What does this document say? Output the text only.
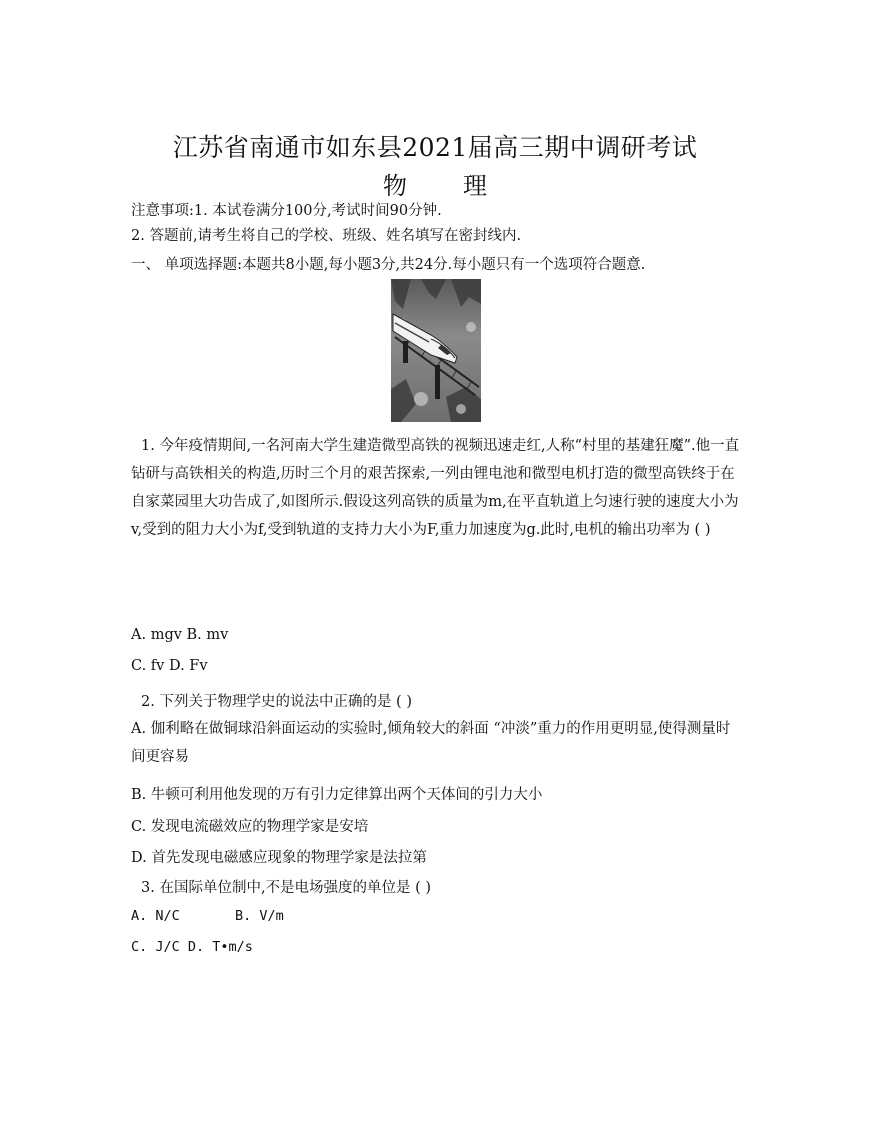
江苏省南通市如东县2021届高三期中调研考试
物 理
注意事项:1. 本试卷满分100分,考试时间90分钟.
2. 答题前,请考生将自己的学校、班级、姓名填写在密封线内.
一、 单项选择题:本题共8小题,每小题3分,共24分.每小题只有一个选项符合题意.
1. 今年疫情期间,一名河南大学生建造微型高铁的视频迅速走红,人称“村里的基建狂魔”.他一直钻研与高铁相关的构造,历时三个月的艰苦探索,一列由锂电池和微型电机打造的微型高铁终于在自家菜园里大功告成了,如图所示.假设这列高铁的质量为m,在平直轨道上匀速行驶的速度大小为v,受到的阻力大小为f,受到轨道的支持力大小为F,重力加速度为g.此时,电机的输出功率为 ( )
A. mgv B. mv
C. fv D. Fv
2. 下列关于物理学史的说法中正确的是 ( )
A. 伽利略在做铜球沿斜面运动的实验时,倾角较大的斜面 “冲淡”重力的作用更明显,使得测量时间更容易
B. 牛顿可利用他发现的万有引力定律算出两个天体间的引力大小
C. 发现电流磁效应的物理学家是安培
D. 首先发现电磁感应现象的物理学家是法拉第
3. 在国际单位制中,不是电场强度的单位是 ( )
A. N/C	B. V/m
C. J/C D. T•m/s
